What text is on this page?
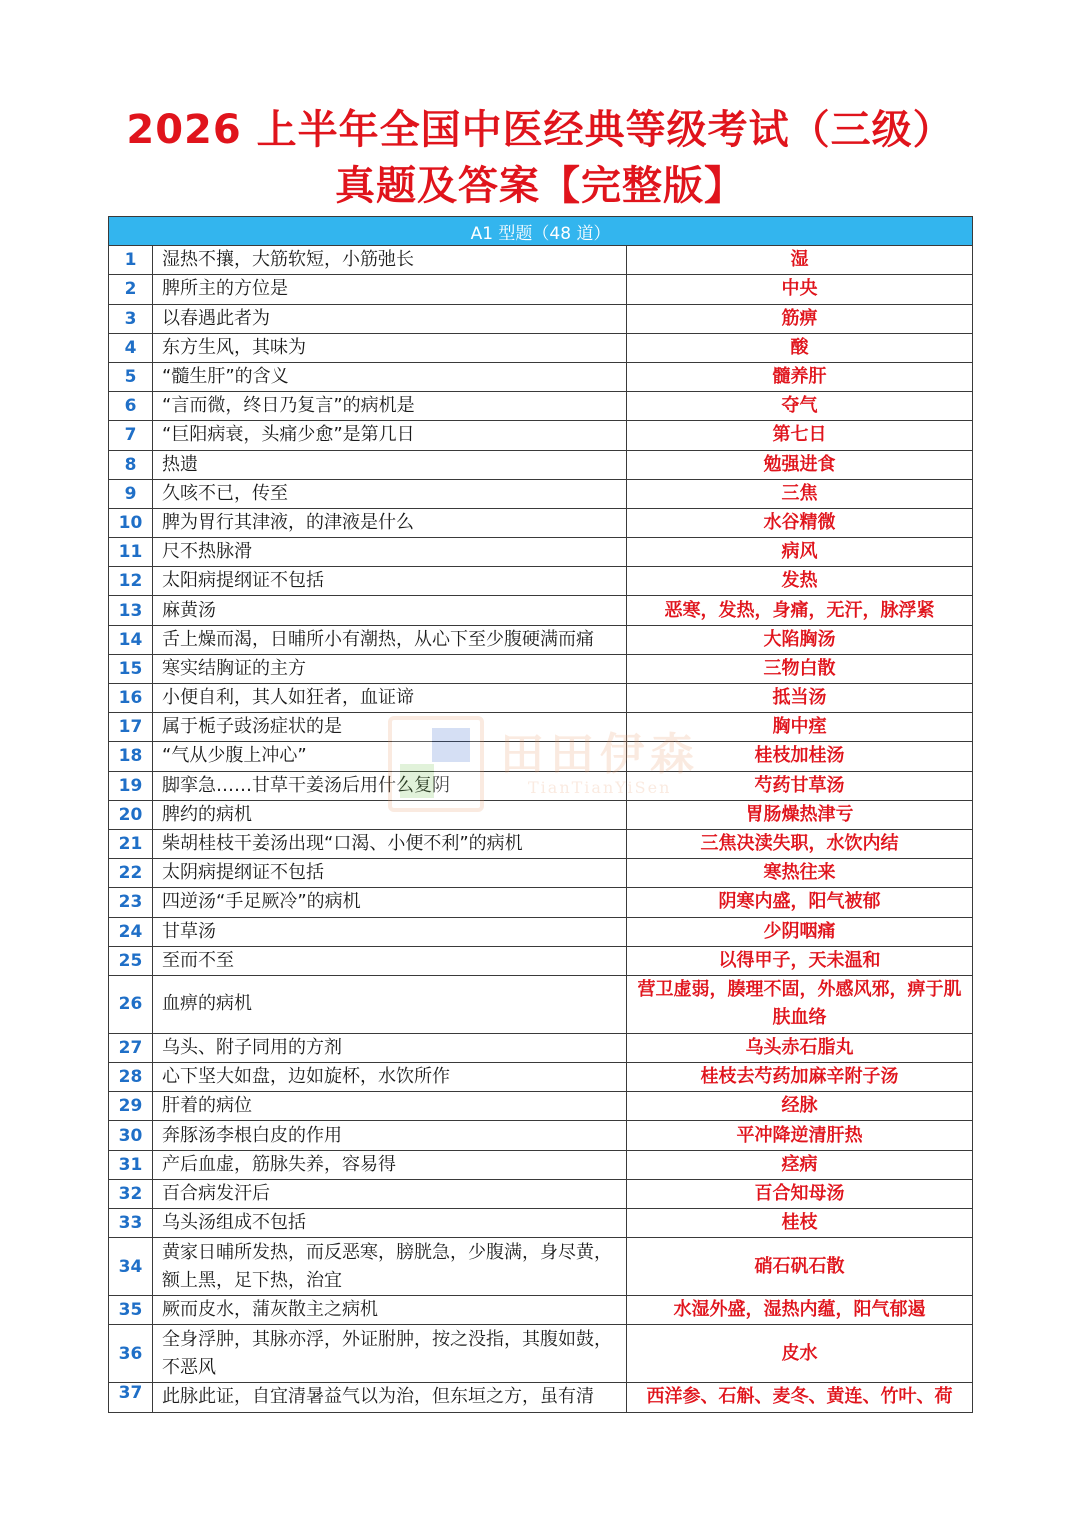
2026 上半年全国中医经典等级考试（三级）
真题及答案【完整版】
A1 型题（48 道）		
1	湿热不攘，大筋软短，小筋弛长	湿
2	脾所主的方位是	中央
3	以春遇此者为	筋痹
4	东方生风，其味为	酸
5	“髓生肝”的含义	髓养肝
6	“言而微，终日乃复言”的病机是	夺气
7	“巨阳病衰，头痛少愈”是第几日	第七日
8	热遗	勉强进食
9	久咳不已，传至	三焦
10	脾为胃行其津液，的津液是什么	水谷精微
11	尺不热脉滑	病风
12	太阳病提纲证不包括	发热
13	麻黄汤	恶寒，发热，身痛，无汗，脉浮紧
14	舌上燥而渴，日晡所小有潮热，从心下至少腹硬满而痛	大陷胸汤
15	寒实结胸证的主方	三物白散
16	小便自利，其人如狂者，血证谛	抵当汤
17	属于栀子豉汤症状的是	胸中痓
18	“气从少腹上冲心”	桂枝加桂汤
19	脚挛急……甘草干姜汤后用什么复阴	芍药甘草汤
20	脾约的病机	胃肠燥热津亏
21	柴胡桂枝干姜汤出现“口渴、小便不利”的病机	三焦决渎失职，水饮内结
22	太阴病提纲证不包括	寒热往来
23	四逆汤“手足厥冷”的病机	阴寒内盛，阳气被郁
24	甘草汤	少阴咽痛
25	至而不至	以得甲子，天未温和
26	血痹的病机	营卫虚弱，腠理不固，外感风邪，痹于肌肤血络
27	乌头、附子同用的方剂	乌头赤石脂丸
28	心下坚大如盘，边如旋杯，水饮所作	桂枝去芍药加麻辛附子汤
29	肝着的病位	经脉
30	奔豚汤李根白皮的作用	平冲降逆清肝热
31	产后血虚，筋脉失养，容易得	痉病
32	百合病发汗后	百合知母汤
33	乌头汤组成不包括	桂枝
34	黄家日晡所发热，而反恶寒，膀胱急，少腹满，身尽黄，额上黑，足下热，治宜	硝石矾石散
35	厥而皮水，蒲灰散主之病机	水湿外盛，湿热内蕴，阳气郁遏
36	全身浮肿，其脉亦浮，外证胕肿，按之没指，其腹如鼓，不恶风	皮水
37	此脉此证，自宜清暑益气以为治，但东垣之方，虽有清	西洋参、石斛、麦冬、黄连、竹叶、荷
田田伊森
TianTianYiSen
